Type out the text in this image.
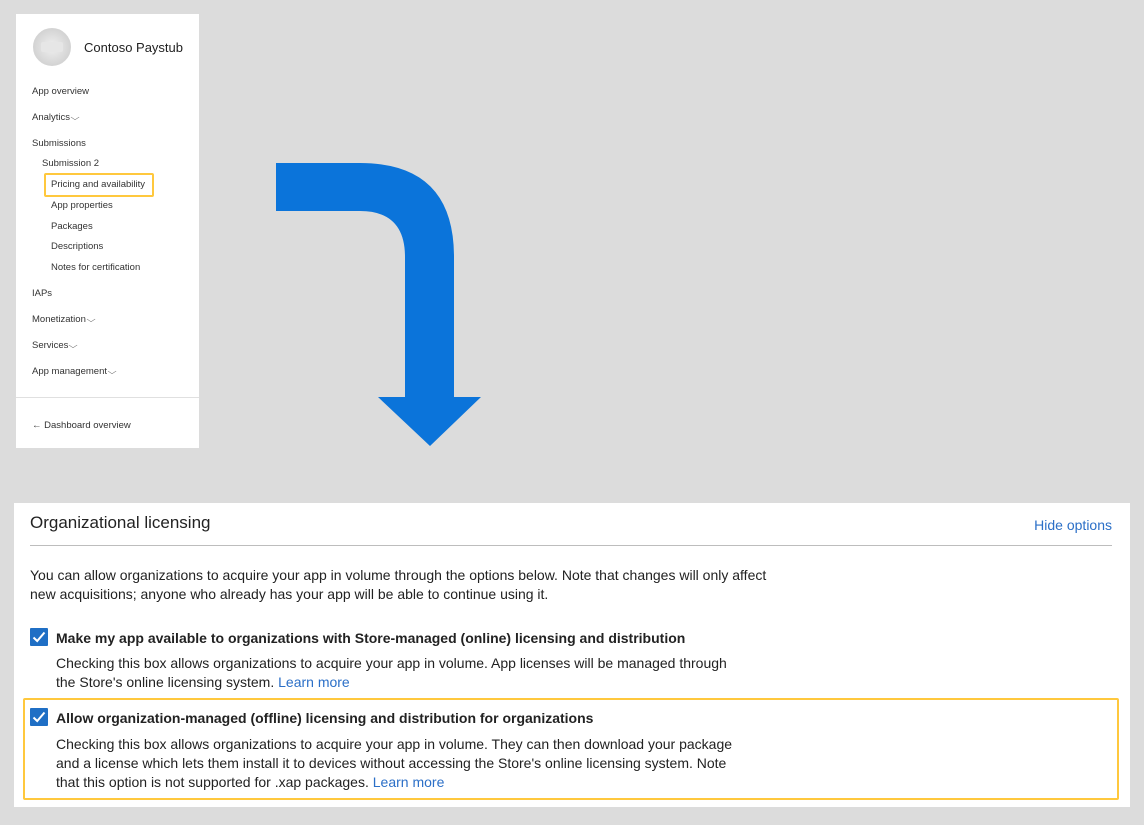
Contoso Paystub
App overview
Analytics⌵
Submissions
Submission 2
Pricing and availability
App properties
Packages
Descriptions
Notes for certification
IAPs
Monetization⌵
Services⌵
App management⌵
← Dashboard overview
Organizational licensing	Hide options
You can allow organizations to acquire your app in volume through the options below. Note that changes will only affect new acquisitions; anyone who already has your app will be able to continue using it.
Make my app available to organizations with Store-managed (online) licensing and distribution
Checking this box allows organizations to acquire your app in volume. App licenses will be managed through the Store's online licensing system. Learn more
Allow organization-managed (offline) licensing and distribution for organizations
Checking this box allows organizations to acquire your app in volume. They can then download your package and a license which lets them install it to devices without accessing the Store's online licensing system. Note that this option is not supported for .xap packages. Learn more
